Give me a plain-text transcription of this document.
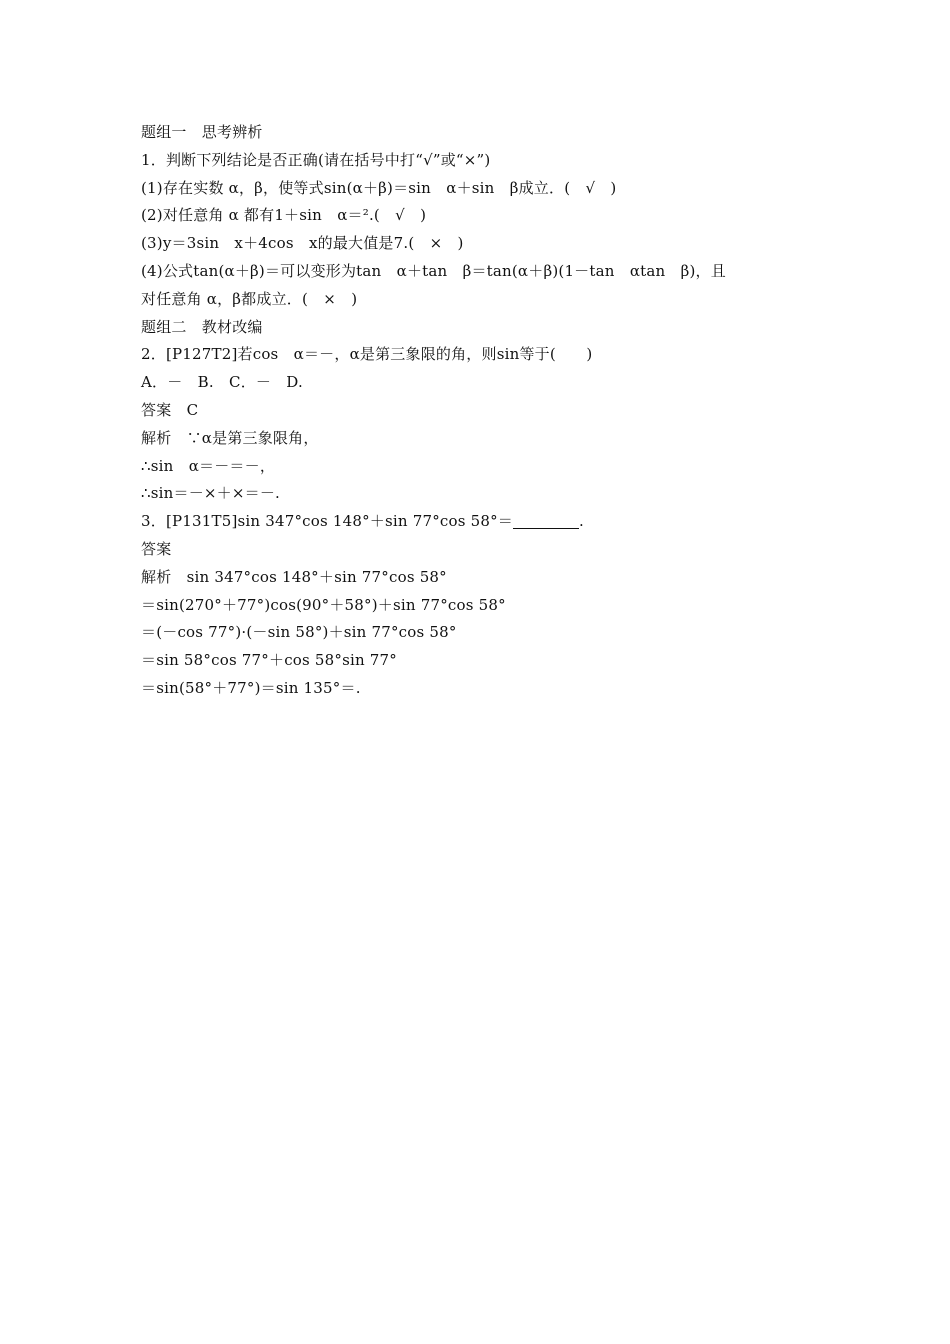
题组一　思考辨析
1．判断下列结论是否正确(请在括号中打“√”或“×”)
(1)存在实数 α，β，使等式sin(α＋β)＝sin　α＋sin　β成立．(　√　)
(2)对任意角 α 都有1＋sin　α＝².(　√　)
(3)y＝3sin　x＋4cos　x的最大值是7.(　×　)
(4)公式tan(α＋β)＝可以变形为tan　α＋tan　β＝tan(α＋β)(1－tan　αtan　β)，且
对任意角 α，β都成立．(　×　)
题组二　教材改编
2．[P127T2]若cos　α＝－，α是第三象限的角，则sin等于(　　)
A．－　B.　C．－　D.
答案　C
解析　∵α是第三象限角，
∴sin　α＝－＝－，
∴sin＝－×＋×＝－.
3．[P131T5]sin 347°cos 148°＋sin 77°cos 58°＝	.
答案
解析　sin 347°cos 148°＋sin 77°cos 58°
＝sin(270°＋77°)cos(90°＋58°)＋sin 77°cos 58°
＝(－cos 77°)·(－sin 58°)＋sin 77°cos 58°
＝sin 58°cos 77°＋cos 58°sin 77°
＝sin(58°＋77°)＝sin 135°＝.
